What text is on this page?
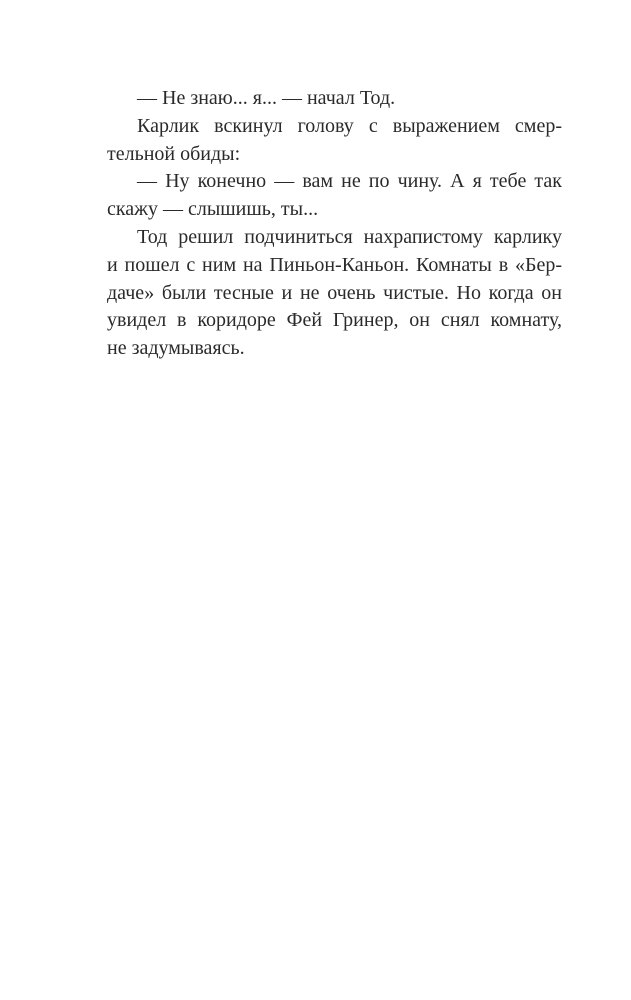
— Не знаю... я... — начал Тод.
Карлик вскинул голову с выражением смер-
тельной обиды:
— Ну конечно — вам не по чину. А я тебе так
скажу — слышишь, ты...
Тод решил подчиниться нахрапистому карлику
и пошел с ним на Пиньон-Каньон. Комнаты в «Бер-
даче» были тесные и не очень чистые. Но когда он
увидел в коридоре Фей Гринер, он снял комнату,
не задумываясь.
